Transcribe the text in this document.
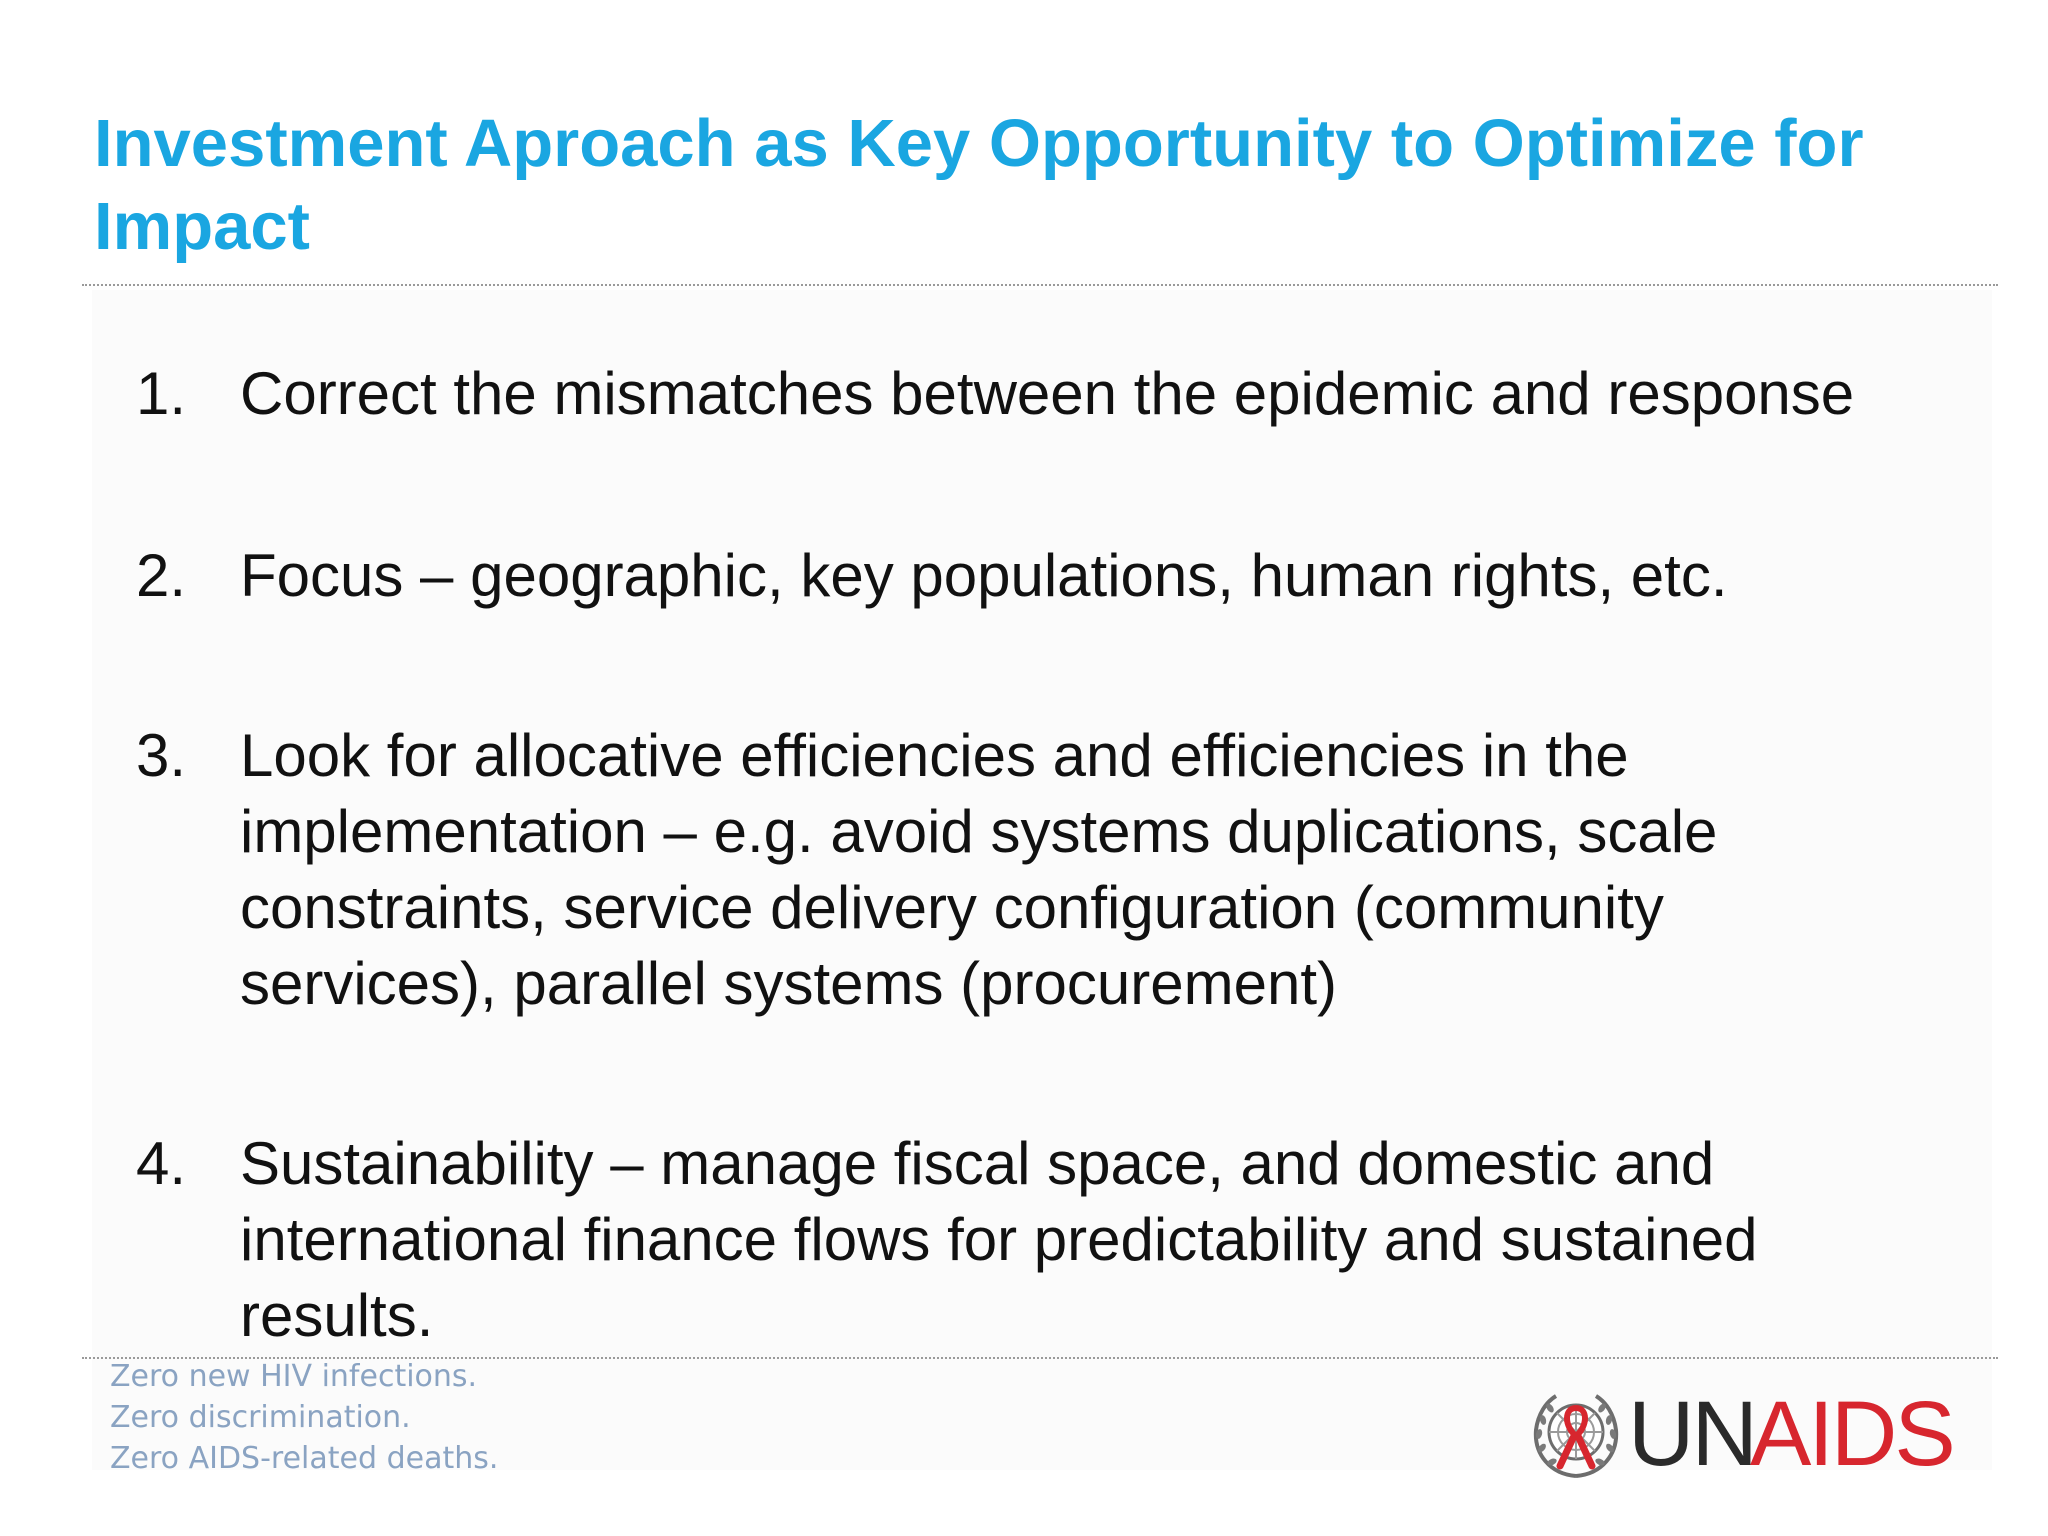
Investment Aproach as Key Opportunity to Optimize for
Impact
1. Correct the mismatches between the epidemic and response
2. Focus – geographic, key populations, human rights, etc.
3. Look for allocative efficiencies and efficiencies in the
implementation – e.g. avoid systems duplications, scale
constraints, service delivery configuration (community
services), parallel systems (procurement)
4. Sustainability – manage fiscal space, and domestic and
international finance flows for predictability and sustained
results.
Zero new HIV infections.
Zero discrimination.
Zero AIDS-related deaths.	UN
AIDS
